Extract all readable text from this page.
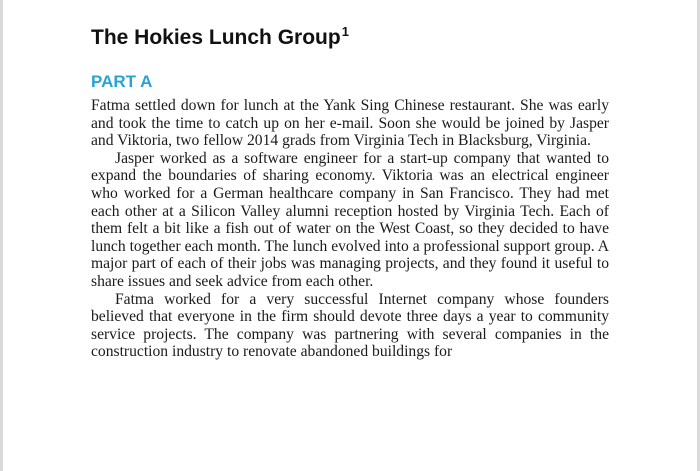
The Hokies Lunch Group$^1$
PART A

Fatma settled down for lunch at the Yank Sing Chinese restaurant. She was early and took the time to catch up on her e-mail. Soon she would be joined by Jasper and Viktoria, two fellow 2014 grads from Virginia Tech in Blacksburg, Virginia.

Jasper worked as a software engineer for a start-up company that wanted to expand the boundaries of sharing economy. Viktoria was an electrical engineer who worked for a German healthcare company in San Francisco. They had met each other at a Silicon Valley alumni reception hosted by Virginia Tech. Each of them felt a bit like a fish out of water on the West Coast, so they decided to have lunch together each month. The lunch evolved into a professional support group. A major part of each of their jobs was managing projects, and they found it useful to share issues and seek advice from each other.

Fatma worked for a very successful Internet company whose founders believed that everyone in the firm should devote three days a year to community service projects. The company was partnering with several companies in the construction industry to renovate abandoned buildings for
